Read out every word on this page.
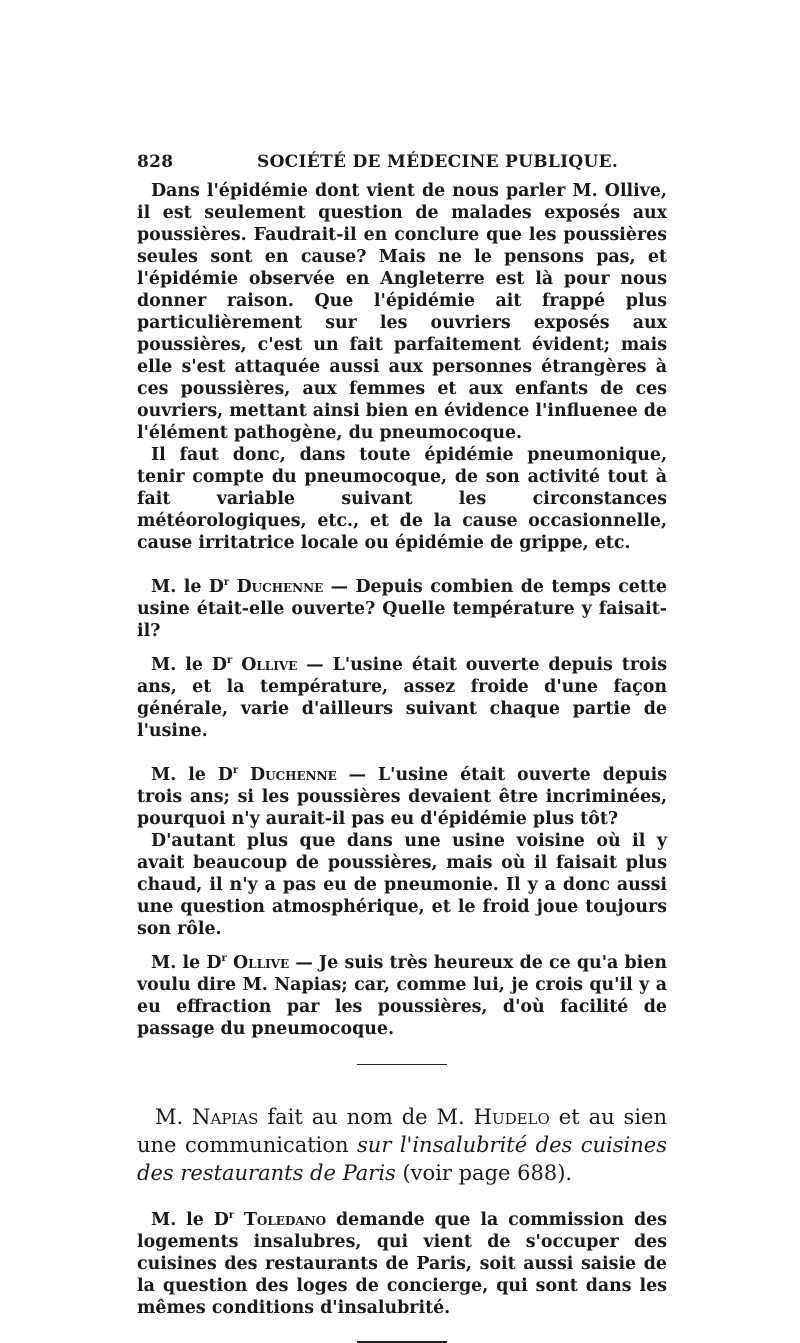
828	SOCIÉTÉ DE MÉDECINE PUBLIQUE.

Dans l'épidémie dont vient de nous parler M. Ollive, il est seulement question de malades exposés aux poussières. Faudrait-il en conclure que les poussières seules sont en cause? Mais ne le pensons pas, et l'épidémie observée en Angleterre est là pour nous donner raison. Que l'épidémie ait frappé plus particulièrement sur les ouvriers exposés aux poussières, c'est un fait parfaitement évident; mais elle s'est attaquée aussi aux personnes étrangères à ces poussières, aux femmes et aux enfants de ces ouvriers, mettant ainsi bien en évidence l'influenee de l'élément pathogène, du pneumocoque.

Il faut donc, dans toute épidémie pneumonique, tenir compte du pneumocoque, de son activité tout à fait variable suivant les circonstances météorologiques, etc., et de la cause occasionnelle, cause irritatrice locale ou épidémie de grippe, etc.

M. le $D^r$ Duchenne — Depuis combien de temps cette usine était-elle ouverte? Quelle température y faisait-il?

M. le $D^r$ Ollive — L'usine était ouverte depuis trois ans, et la température, assez froide d'une façon générale, varie d'ailleurs suivant chaque partie de l'usine.

M. le $D^r$ Duchenne — L'usine était ouverte depuis trois ans; si les poussières devaient être incriminées, pourquoi n'y aurait-il pas eu d'épidémie plus tôt?

D'autant plus que dans une usine voisine où il y avait beaucoup de poussières, mais où il faisait plus chaud, il n'y a pas eu de pneumonie. Il y a donc aussi une question atmosphérique, et le froid joue toujours son rôle.

M. le $D^r$ Ollive — Je suis très heureux de ce qu'a bien voulu dire M. Napias; car, comme lui, je crois qu'il y a eu effraction par les poussières, d'où facilité de passage du pneumocoque.

M. Napias fait au nom de M. Hudelo et au sien une communication sur l'insalubrité des cuisines des restaurants de Paris (voir page 688).

M. le $D^r$ Toledano demande que la commission des logements insalubres, qui vient de s'occuper des cuisines des restaurants de Paris, soit aussi saisie de la question des loges de concierge, qui sont dans les mêmes conditions d'insalubrité.
